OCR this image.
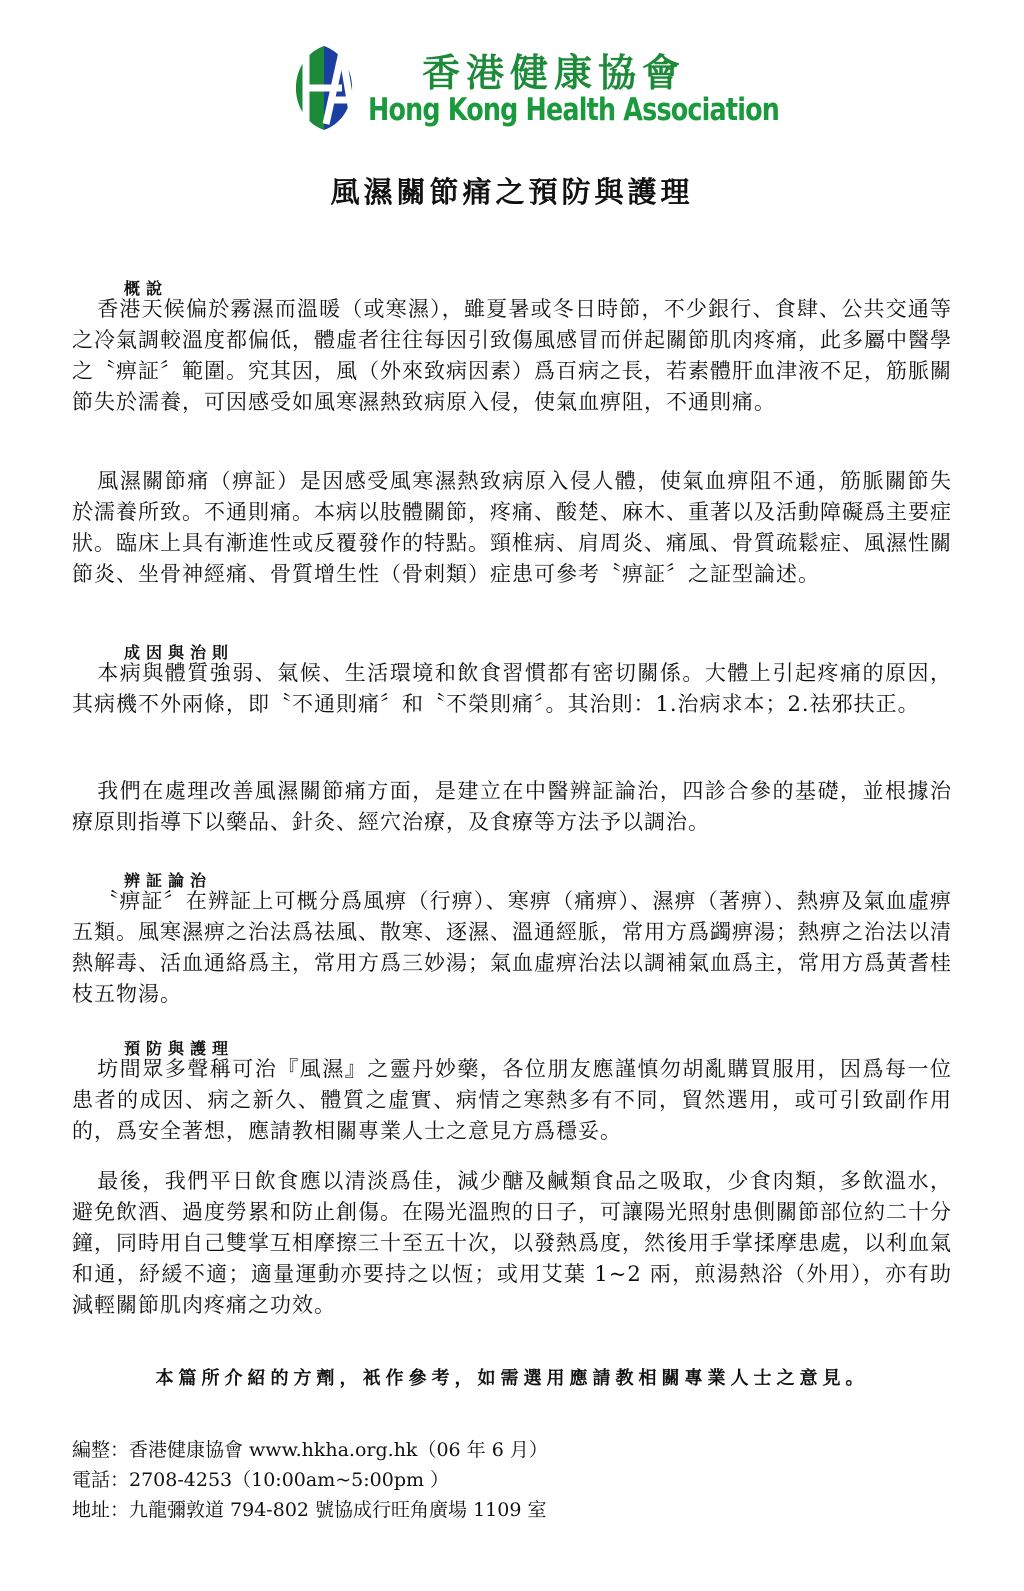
香港健康協會
Hong Kong Health Association
風濕關節痛之預防與護理
概說
香港天候偏於霧濕而溫暖（或寒濕），雖夏暑或冬日時節，不少銀行、食肆、公共交通等之冷氣調較溫度都偏低，體虛者往往每因引致傷風感冒而併起關節肌肉疼痛，此多屬中醫學之〝痹証〞範圍。究其因，風（外來致病因素）爲百病之長，若素體肝血津液不足，筋脈關節失於濡養，可因感受如風寒濕熱致病原入侵，使氣血痹阻，不通則痛。
風濕關節痛（痹証）是因感受風寒濕熱致病原入侵人體，使氣血痹阻不通，筋脈關節失於濡養所致。不通則痛。本病以肢體關節，疼痛、酸楚、麻木、重著以及活動障礙爲主要症狀。臨床上具有漸進性或反覆發作的特點。頸椎病、肩周炎、痛風、骨質疏鬆症、風濕性關節炎、坐骨神經痛、骨質增生性（骨刺類）症患可參考〝痹証〞之証型論述。
成因與治則
本病與體質強弱、氣候、生活環境和飲食習慣都有密切關係。大體上引起疼痛的原因，其病機不外兩條，即〝不通則痛〞和〝不榮則痛〞。其治則：1.治病求本；2.祛邪扶正。
我們在處理改善風濕關節痛方面，是建立在中醫辨証論治，四診合參的基礎，並根據治療原則指導下以藥品、針灸、經穴治療，及食療等方法予以調治。
辨証論治
〝痹証〞在辨証上可概分爲風痹（行痹）、寒痹（痛痹）、濕痹（著痹）、熱痹及氣血虛痹五類。風寒濕痹之治法爲祛風、散寒、逐濕、溫通經脈，常用方爲蠲痹湯；熱痹之治法以清熱解毒、活血通絡爲主，常用方爲三妙湯；氣血虛痹治法以調補氣血爲主，常用方爲黃耆桂枝五物湯。
預防與護理
坊間眾多聲稱可治『風濕』之靈丹妙藥，各位朋友應謹慎勿胡亂購買服用，因爲每一位患者的成因、病之新久、體質之虛實、病情之寒熱多有不同，貿然選用，或可引致副作用的，爲安全著想，應請教相關專業人士之意見方爲穩妥。
最後，我們平日飲食應以清淡爲佳，減少醣及鹹類食品之吸取，少食肉類，多飲溫水，避免飲酒、過度勞累和防止創傷。在陽光溫煦的日子，可讓陽光照射患側關節部位約二十分鐘，同時用自己雙掌互相摩擦三十至五十次，以發熱爲度，然後用手掌揉摩患處，以利血氣和通，紓緩不適；適量運動亦要持之以恆；或用艾葉 1~2 兩，煎湯熱浴（外用），亦有助減輕關節肌肉疼痛之功效。
本篇所介紹的方劑，衹作參考，如需選用應請教相關專業人士之意見。
編整：香港健康協會 www.hkha.org.hk（06 年 6 月）
電話：2708-4253（10:00am~5:00pm ）
地址：九龍彌敦道 794-802 號協成行旺角廣場 1109 室
